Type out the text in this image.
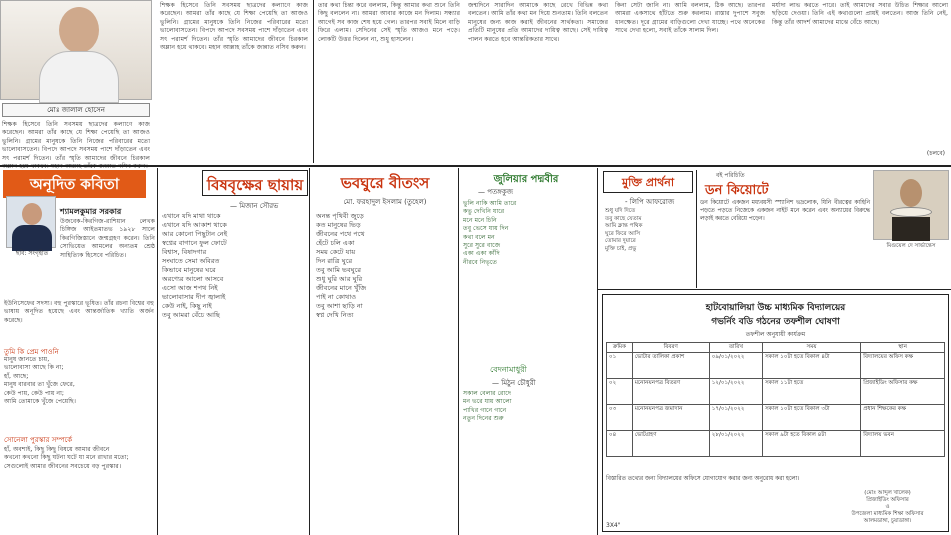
মোঃ জালাল হোসেন
শিক্ষক হিসেবে তিনি সবসময় ছাত্রদের কল্যাণে কাজ করেছেন। আমরা তাঁর কাছে যে শিক্ষা পেয়েছি তা আজও ভুলিনি। গ্রামের মানুষকে তিনি নিজের পরিবারের মতো ভালোবাসতেন। বিপদে আপদে সবসময় পাশে দাঁড়াতেন এবং সৎ পরামর্শ দিতেন। তাঁর স্মৃতি আমাদের জীবনে চিরকাল
শিক্ষক হিসেবে তিনি সবসময় ছাত্রদের কল্যাণে কাজ করেছেন। আমরা তাঁর কাছে যে শিক্ষা পেয়েছি তা আজও ভুলিনি। গ্রামের মানুষকে তিনি নিজের পরিবারের মতো ভালোবাসতেন। বিপদে আপদে সবসময় পাশে দাঁড়াতেন এবং সৎ পরামর্শ দিতেন। তাঁর স্মৃতি আমাদের জীবনে চিরকাল অম্লান হয়ে থাকবে। মহান আল্লাহ তাঁকে জান্নাত নসিব করুন।
তার কথা চিন্তা করে বললাম, কিন্তু আমার কথা শুনে তিনি কিছু বললেন না। আমরা আবার কাজে মন দিলাম। সন্ধ্যার আগেই সব কাজ শেষ হয়ে গেল। তারপর সবাই মিলে বাড়ি ফিরে এলাম। সেদিনের সেই স্মৃতি আজও মনে পড়ে। লোকটি উত্তর দিলেন না, শুধু হাসলেন।
জন্মদিনে সারাদিন আমাকে কাছে রেখে বিভিন্ন কথা বলতেন। আমি তাঁর কথা মন দিয়ে শুনতাম। তিনি বলতেন মানুষের জন্য কাজ করাই জীবনের সার্থকতা। সমাজের প্রতিটি মানুষের প্রতি আমাদের দায়িত্ব আছে। সেই দায়িত্ব পালন করতে হবে আন্তরিকতার সাথে।
কিনা সেটা জানি না। আমি বললাম, ঠিক আছে। তারপর আমরা একসাথে হাঁটতে শুরু করলাম। রাস্তার দুপাশে সবুজ ধানক্ষেত। দূরে গ্রামের বাড়িগুলো দেখা যাচ্ছে। পথে অনেকের সাথে দেখা হলো, সবাই তাঁকে সালাম দিল।
মর্যাদা লাভ করতে পারে। তাই আমাদের সবার উচিত শিক্ষার আলো ছড়িয়ে দেওয়া। তিনি এই কথাগুলো প্রায়ই বলতেন। আজ তিনি নেই, কিন্তু তাঁর আদর্শ আমাদের মাঝে বেঁচে আছে।
(চলবে)
অনূদিত কবিতা
শ্যামলকুমার সরকার
ছবি: সংগৃহীত
উজবেক-কিরগিজ-রাশিয়ান লেখক চিঙ্গিজ আইতমাতভ ১৯২৮ সালে কিরগিজিস্তানে জন্মগ্রহণ করেন। তিনি সোভিয়েত আমলের অন্যতম শ্রেষ্ঠ সাহিত্যিক হিসেবে পরিচিত।
ইউনিসেফের সদস্য। বহু পুরস্কারে ভূষিত। তাঁর রচনা বিশ্বের বহু ভাষায় অনূদিত হয়েছে এবং আন্তর্জাতিক খ্যাতি অর্জন করেছে।
তুমি কি প্রেম পাওনি
মানুষ জানতে চায়,
ভালোবাসা আছে কি না;
হাঁ, আছে;
মানুষ বারবার তা খুঁজে ফেরে,
কেউ পায়, কেউ পায় না;
আমি তোমাকে খুঁজে পেয়েছি।
সোনেলা পুরস্কার সম্পর্কে
হাঁ, অবশ্যই, কিছু কিছু বিষয়ে আমার জীবনে
কখনো কখনো কিছু ঘটনা ঘটে যা মনে রাখার মতো;
সেগুলোই আমার জীবনের সবচেয়ে বড় পুরস্কার।
বিষবৃক্ষের ছায়ায়
— মিজান সৌরভ
এখানে যদি মাথা থাকে
এখানে যদি আকাশ থাকে
আর কোনো পিছুটান নেই
স্বপ্নের বাগানে ফুল ফোটে
বিশ্বাস, বিষাদগার
সংঘাতে সেমা অবিরত
কিভাবে মানুষের ঘরে
অরণ্যের আলো আসবে
এসো আজ শপথ নিই
ভালোবাসার দীপ জ্বালাই
কেউ নাই, কিছু নাই
তবু আমরা বেঁচে আছি
ভবঘুরে বীতংস
মো. ফরহাদুল ইসলাম (তুহেল)
অনন্ত পৃথিবী জুড়ে
কত মানুষের ভিড়
জীবনের পথে পথে
হেঁটে চলি একা
সময় কেটে যায়
দিন রাত্রি ঘুরে
তবু আমি ভবঘুরে
শুধু ঘুরি আর ঘুরি
জীবনের মানে খুঁজি
পাই না কোথাও
তবু আশা ছাড়ি না
স্বপ্ন দেখি নিত্য
জুলিয়ার পদ্মবীর
— পতঙ্গকুজ
ভুলি নাকি আমি তারে
কভু দেখিনি যারে
মনে মনে চিনি
তবু ভেসে যায় দিন
কথা বলে মন
সুরে সুরে বাজে
একা একা কাঁদি
নীরবে নিভৃতে
বেদনামাধুরী
— মিঠুন চৌধুরী
সকাল বেলার রোদে
মন ভরে যায় আলো
পাখির গানে গানে
নতুন দিনের শুরু
মুক্তি প্রার্থনা
- লিপি আফরোজ
শুধু যদি দিতে
তবু কাছে যেতাম
আমি ক্লান্ত পথিক
ঘুরে ফিরে আসি
তোমার দুয়ারে
মুক্তি চাই, প্রভু
বই পরিচিতি
ডন কিয়োটে
ডন কিয়োটে একজন মধ্যবয়সী স্প্যানিশ ভদ্রলোক, যিনি বীরত্বের কাহিনি পড়তে পড়তে নিজেকে একজন নাইট মনে করেন এবং অন্যায়ের বিরুদ্ধে লড়াই করতে বেরিয়ে পড়েন।
মিগুয়েল দে সার্ভান্তেস
হাটবোয়ালিয়া উচ্চ মাধ্যমিক বিদ্যালয়ের
গভর্নিং বডি গঠনের তফশীল ঘোষণা
তফশীল অনুযায়ী কার্যক্রম
ক্রমিক	বিবরণ	তারিখ	সময়	স্থান
০১	ভোটার তালিকা প্রকাশ	০৯/০১/২০২২	সকাল ১০টা হতে বিকাল ৪টা	বিদ্যালয়ের অফিস কক্ষ
০২	মনোনয়নপত্র বিতরণ	১২/০১/২০২২	সকাল ১১টা হতে	প্রিজাইডিং অফিসার কক্ষ
০৩	মনোনয়নপত্র জমাদান	১৭/০১/২০২২	সকাল ১০টা হতে বিকাল ৩টা	প্রধান শিক্ষকের কক্ষ
০৪	ভোটগ্রহণ	২৮/০১/২০২২	সকাল ৯টা হতে বিকাল ৪টা	বিদ্যালয় ভবন
বিস্তারিত তথ্যের জন্য বিদ্যালয়ের অফিসে যোগাযোগ করার জন্য অনুরোধ করা হলো।
(মোঃ আব্দুল খালেক)
প্রিজাইডিং অফিসার
ও
উপজেলা মাধ্যমিক শিক্ষা অফিসার
আলমডাঙ্গা, চুয়াডাঙ্গা।
3X4"
